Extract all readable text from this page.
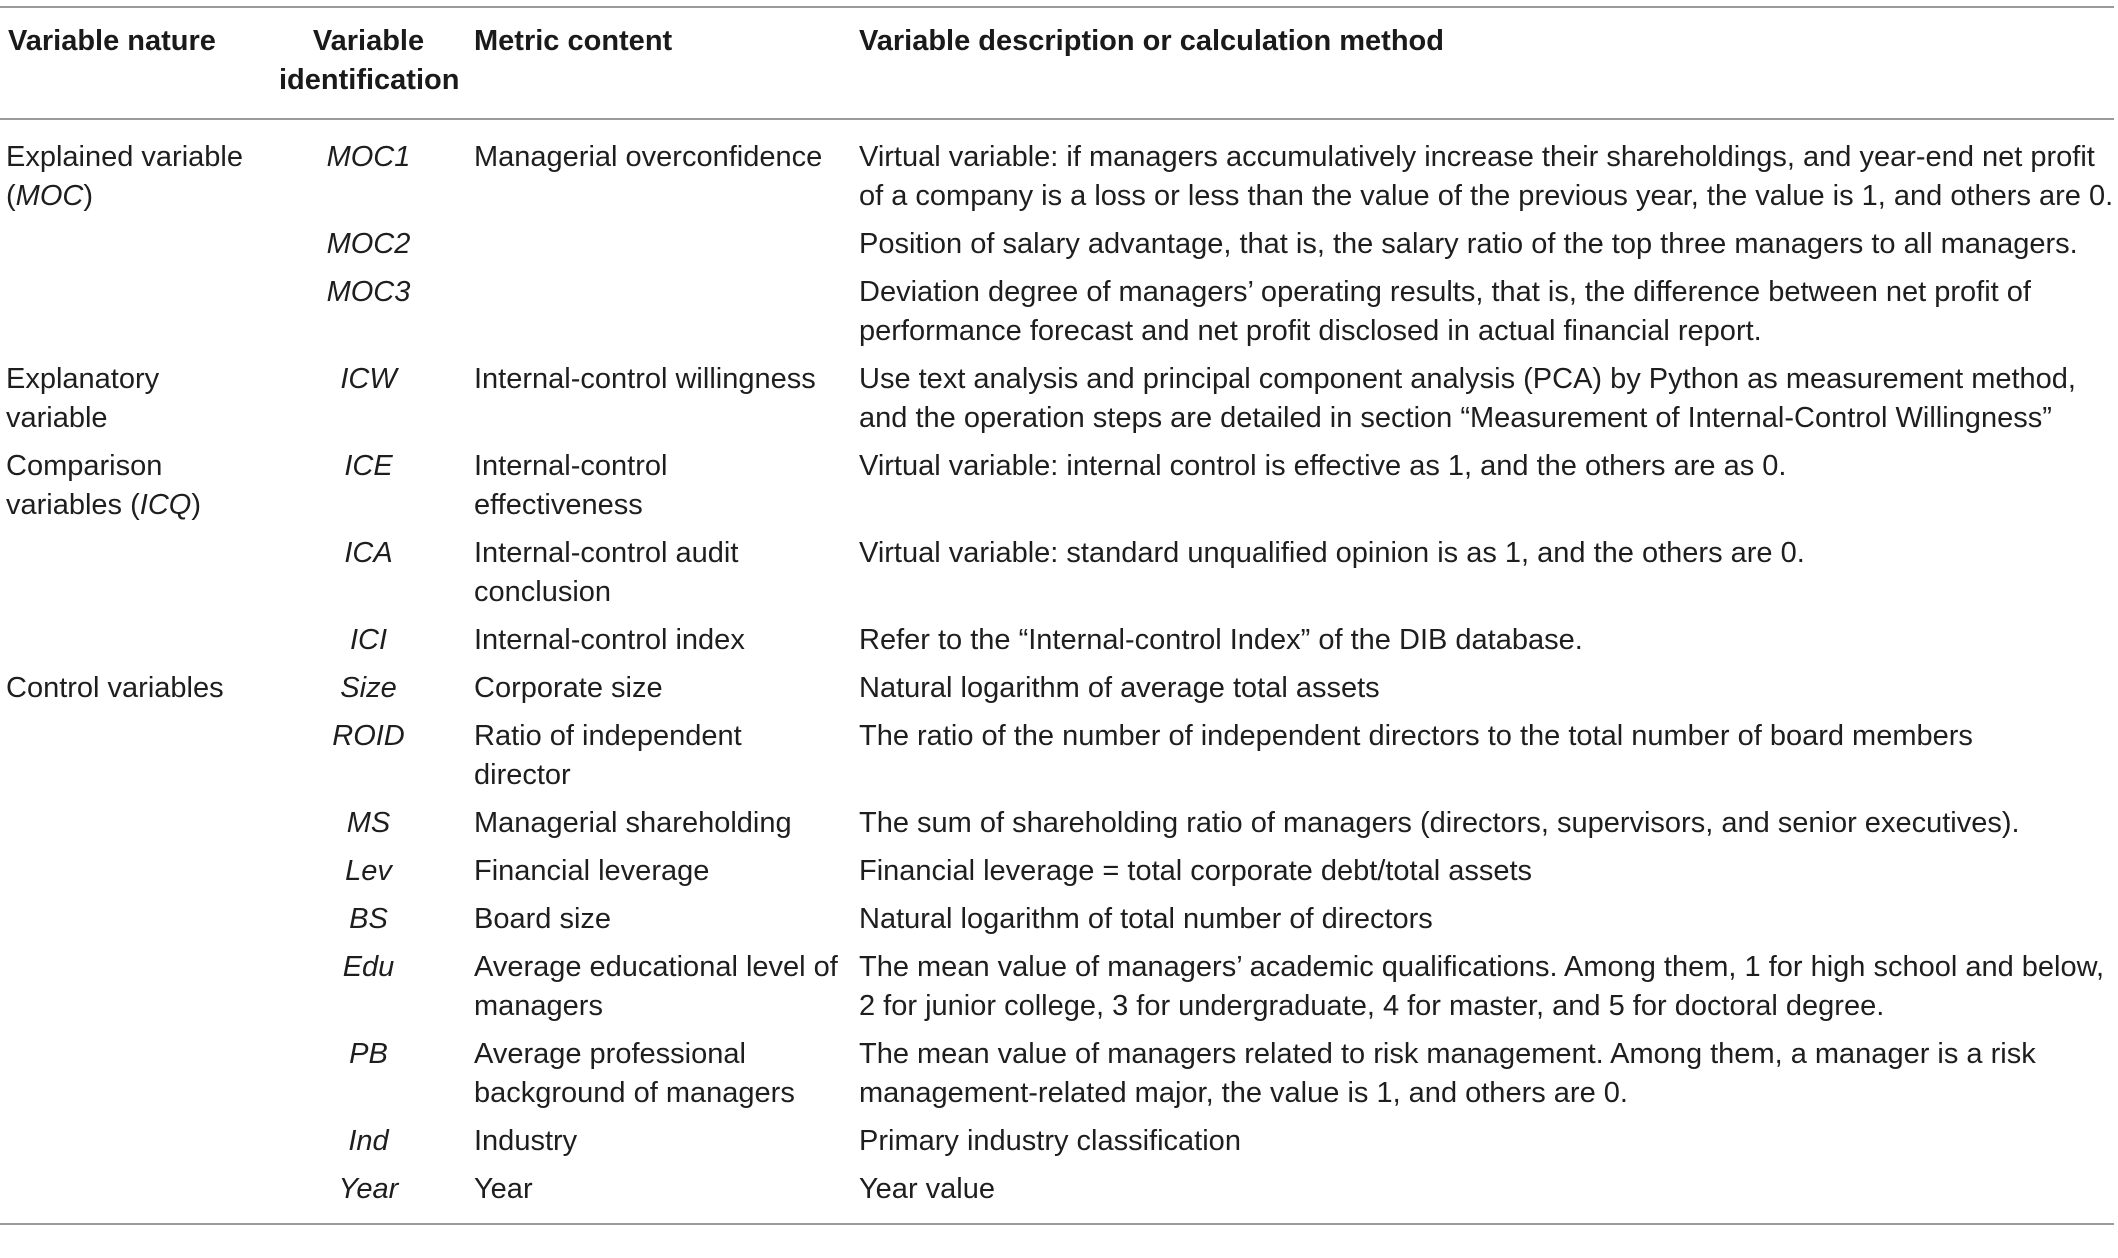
Variable nature	Variable identification	Metric content	Variable description or calculation method
Explained variable (MOC)	MOC1	Managerial overconfidence	Virtual variable: if managers accumulatively increase their shareholdings, and year-end net profit of a company is a loss or less than the value of the previous year, the value is 1, and others are 0.
	MOC2		Position of salary advantage, that is, the salary ratio of the top three managers to all managers.
	MOC3		Deviation degree of managers’ operating results, that is, the difference between net profit of performance forecast and net profit disclosed in actual financial report.
Explanatory variable	ICW	Internal-control willingness	Use text analysis and principal component analysis (PCA) by Python as measurement method, and the operation steps are detailed in section “Measurement of Internal-Control Willingness”
Comparison variables (ICQ)	ICE	Internal-control effectiveness	Virtual variable: internal control is effective as 1, and the others are as 0.
	ICA	Internal-control audit conclusion	Virtual variable: standard unqualified opinion is as 1, and the others are 0.
	ICI	Internal-control index	Refer to the “Internal-control Index” of the DIB database.
Control variables	Size	Corporate size	Natural logarithm of average total assets
	ROID	Ratio of independent director	The ratio of the number of independent directors to the total number of board members
	MS	Managerial shareholding	The sum of shareholding ratio of managers (directors, supervisors, and senior executives).
	Lev	Financial leverage	Financial leverage = total corporate debt/total assets
	BS	Board size	Natural logarithm of total number of directors
	Edu	Average educational level of managers	The mean value of managers’ academic qualifications. Among them, 1 for high school and below, 2 for junior college, 3 for undergraduate, 4 for master, and 5 for doctoral degree.
	PB	Average professional background of managers	The mean value of managers related to risk management. Among them, a manager is a risk management-related major, the value is 1, and others are 0.
	Ind	Industry	Primary industry classification
	Year	Year	Year value
